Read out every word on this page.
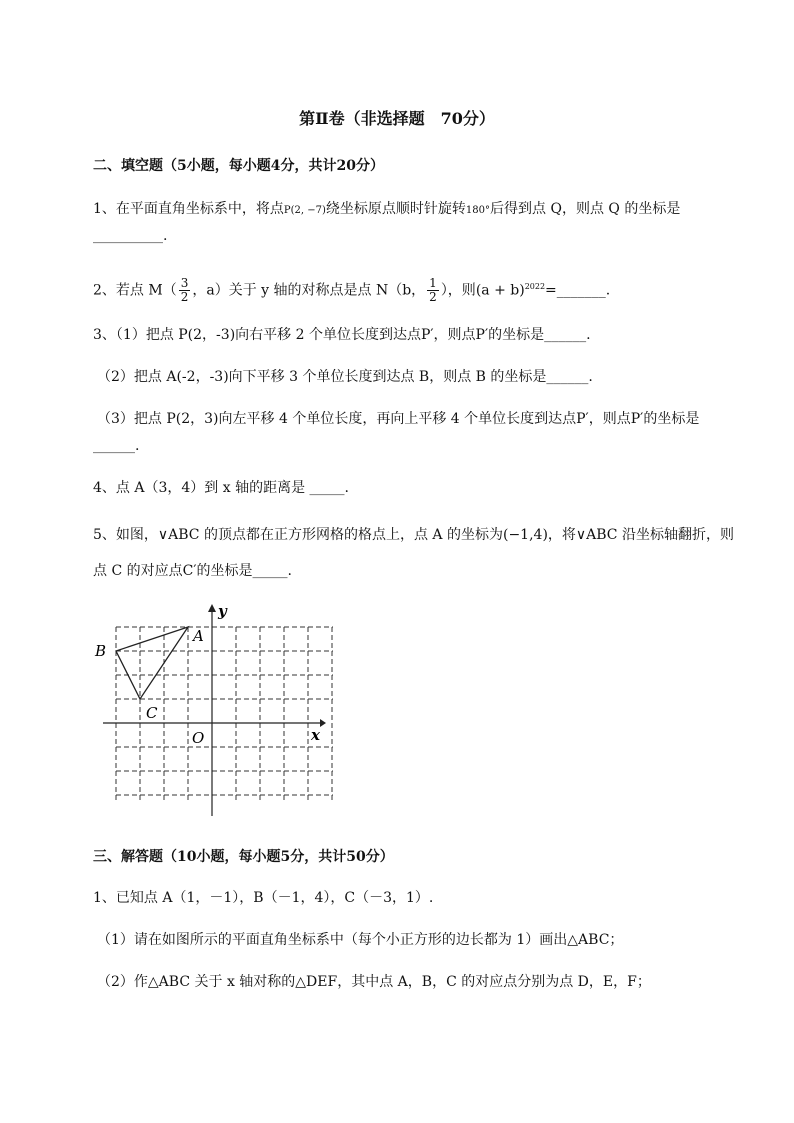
第Ⅱ卷（非选择题　70分）
二、填空题（5小题，每小题4分，共计20分）
1、在平面直角坐标系中，将点P(2, −7)绕坐标原点顺时针旋转180°后得到点 Q，则点 Q 的坐标是
__________.
2、若点 $M( \frac{3}{2}$ ，a）关于 y 轴的对称点是点 N（b， $\frac{1}{2}$ ），则$(a + b)^{2022}=\_\_\_\_\_\_\_$.
3、（1）把点 P(2，-3)向右平移 2 个单位长度到达点P′，则点P′的坐标是______.
（2）把点 A(-2，-3)向下平移 3 个单位长度到达点 B，则点 B 的坐标是______.
（3）把点 P(2，3)向左平移 4 个单位长度，再向上平移 4 个单位长度到达点P′，则点P′的坐标是
______.
4、点 A（3，4）到 x 轴的距离是 _____.
5、如图，∨ABC 的顶点都在正方形网格的格点上，点 A 的坐标为(−1,4)，将∨ABC 沿坐标轴翻折，则
点 C 的对应点C′的坐标是_____.
A
B
C
O	x
y
三、解答题（10小题，每小题5分，共计50分）
1、已知点 A（1，－1），B（－1，4），C（－3，1）.
（1）请在如图所示的平面直角坐标系中（每个小正方形的边长都为 1）画出△ABC；
（2）作△ABC 关于 x 轴对称的△DEF，其中点 A，B，C 的对应点分别为点 D，E，F；
